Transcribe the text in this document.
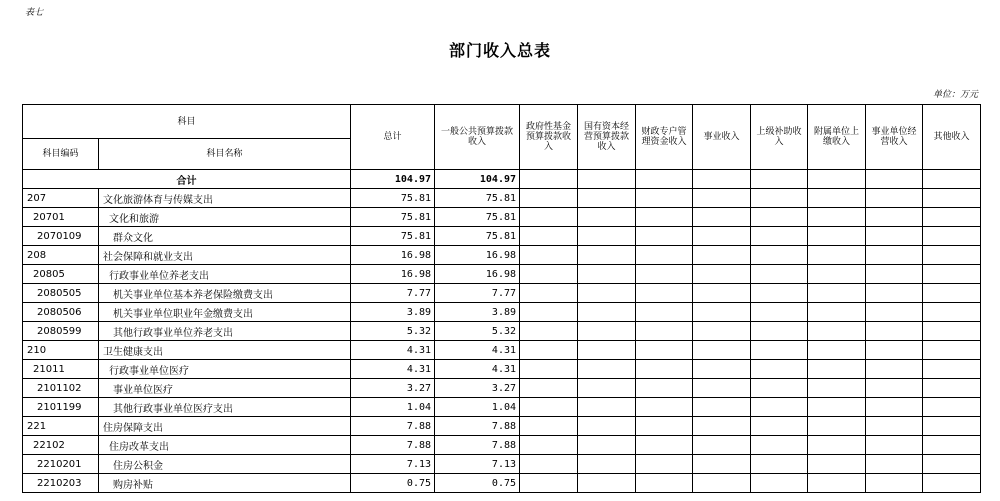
表七
部门收入总表
单位：万元
科目		总计	一般公共预算拨款收入	政府性基金预算拨款收入	国有资本经营预算拨款收入	财政专户管理资金收入	事业收入	上级补助收入	附属单位上缴收入	事业单位经营收入	其他收入
科目编码	科目名称										
合计		104.97	104.97								
207	文化旅游体育与传媒支出	75.81	75.81								
20701	文化和旅游	75.81	75.81								
2070109	群众文化	75.81	75.81								
208	社会保障和就业支出	16.98	16.98								
20805	行政事业单位养老支出	16.98	16.98								
2080505	机关事业单位基本养老保险缴费支出	7.77	7.77								
2080506	机关事业单位职业年金缴费支出	3.89	3.89								
2080599	其他行政事业单位养老支出	5.32	5.32								
210	卫生健康支出	4.31	4.31								
21011	行政事业单位医疗	4.31	4.31								
2101102	事业单位医疗	3.27	3.27								
2101199	其他行政事业单位医疗支出	1.04	1.04								
221	住房保障支出	7.88	7.88								
22102	住房改革支出	7.88	7.88								
2210201	住房公积金	7.13	7.13								
2210203	购房补贴	0.75	0.75								
